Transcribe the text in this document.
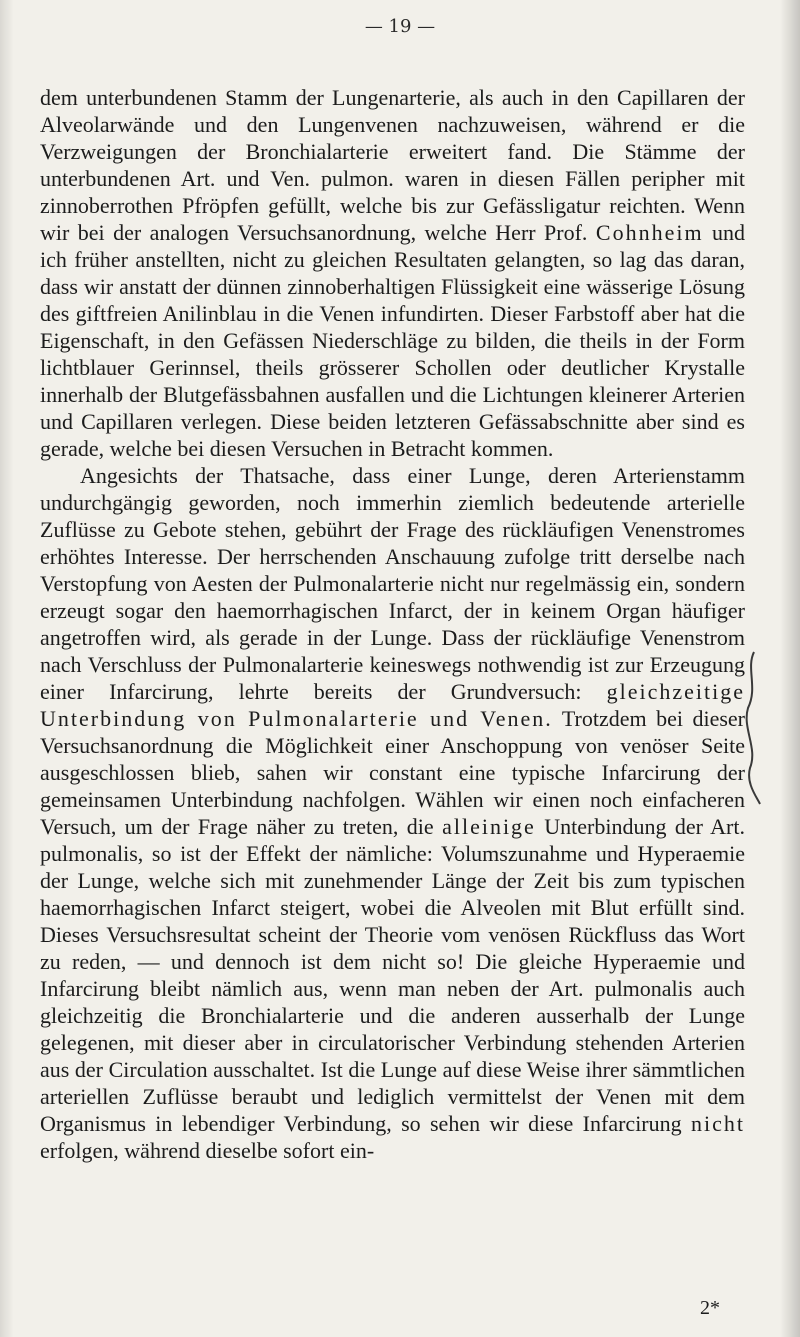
— 19 —

dem unterbundenen Stamm der Lungenarterie, als auch in den Capillaren der Alveolarwände und den Lungenvenen nachzuweisen, während er die Verzweigungen der Bronchialarterie erweitert fand. Die Stämme der unterbundenen Art. und Ven. pulmon. waren in diesen Fällen peripher mit zinnoberrothen Pfröpfen gefüllt, welche bis zur Gefässligatur reichten. Wenn wir bei der analogen Versuchsanordnung, welche Herr Prof. Cohnheim und ich früher anstellten, nicht zu gleichen Resultaten gelangten, so lag das daran, dass wir anstatt der dünnen zinnoberhaltigen Flüssigkeit eine wässerige Lösung des giftfreien Anilinblau in die Venen infundirten. Dieser Farbstoff aber hat die Eigenschaft, in den Gefässen Niederschläge zu bilden, die theils in der Form lichtblauer Gerinnsel, theils grösserer Schollen oder deutlicher Krystalle innerhalb der Blutgefässbahnen ausfallen und die Lichtungen kleinerer Arterien und Capillaren verlegen. Diese beiden letzteren Gefässabschnitte aber sind es gerade, welche bei diesen Versuchen in Betracht kommen.

Angesichts der Thatsache, dass einer Lunge, deren Arterienstamm undurchgängig geworden, noch immerhin ziemlich bedeutende arterielle Zuflüsse zu Gebote stehen, gebührt der Frage des rückläufigen Venenstromes erhöhtes Interesse. Der herrschenden Anschauung zufolge tritt derselbe nach Verstopfung von Aesten der Pulmonalarterie nicht nur regelmässig ein, sondern erzeugt sogar den haemorrhagischen Infarct, der in keinem Organ häufiger angetroffen wird, als gerade in der Lunge. Dass der rückläufige Venenstrom nach Verschluss der Pulmonalarterie keineswegs nothwendig ist zur Erzeugung einer Infarcirung, lehrte bereits der Grundversuch: gleichzeitige Unterbindung von Pulmonalarterie und Venen. Trotzdem bei dieser Versuchsanordnung die Möglichkeit einer Anschoppung von venöser Seite ausgeschlossen blieb, sahen wir constant eine typische Infarcirung der gemeinsamen Unterbindung nachfolgen. Wählen wir einen noch einfacheren Versuch, um der Frage näher zu treten, die alleinige Unterbindung der Art. pulmonalis, so ist der Effekt der nämliche: Volumszunahme und Hyperaemie der Lunge, welche sich mit zunehmender Länge der Zeit bis zum typischen haemorrhagischen Infarct steigert, wobei die Alveolen mit Blut erfüllt sind. Dieses Versuchsresultat scheint der Theorie vom venösen Rückfluss das Wort zu reden, — und dennoch ist dem nicht so! Die gleiche Hyperaemie und Infarcirung bleibt nämlich aus, wenn man neben der Art. pulmonalis auch gleichzeitig die Bronchialarterie und die anderen ausserhalb der Lunge gelegenen, mit dieser aber in circulatorischer Verbindung stehenden Arterien aus der Circulation ausschaltet. Ist die Lunge auf diese Weise ihrer sämmtlichen arteriellen Zuflüsse beraubt und lediglich vermittelst der Venen mit dem Organismus in lebendiger Verbindung, so sehen wir diese Infarcirung nicht erfolgen, während dieselbe sofort ein-

2*
